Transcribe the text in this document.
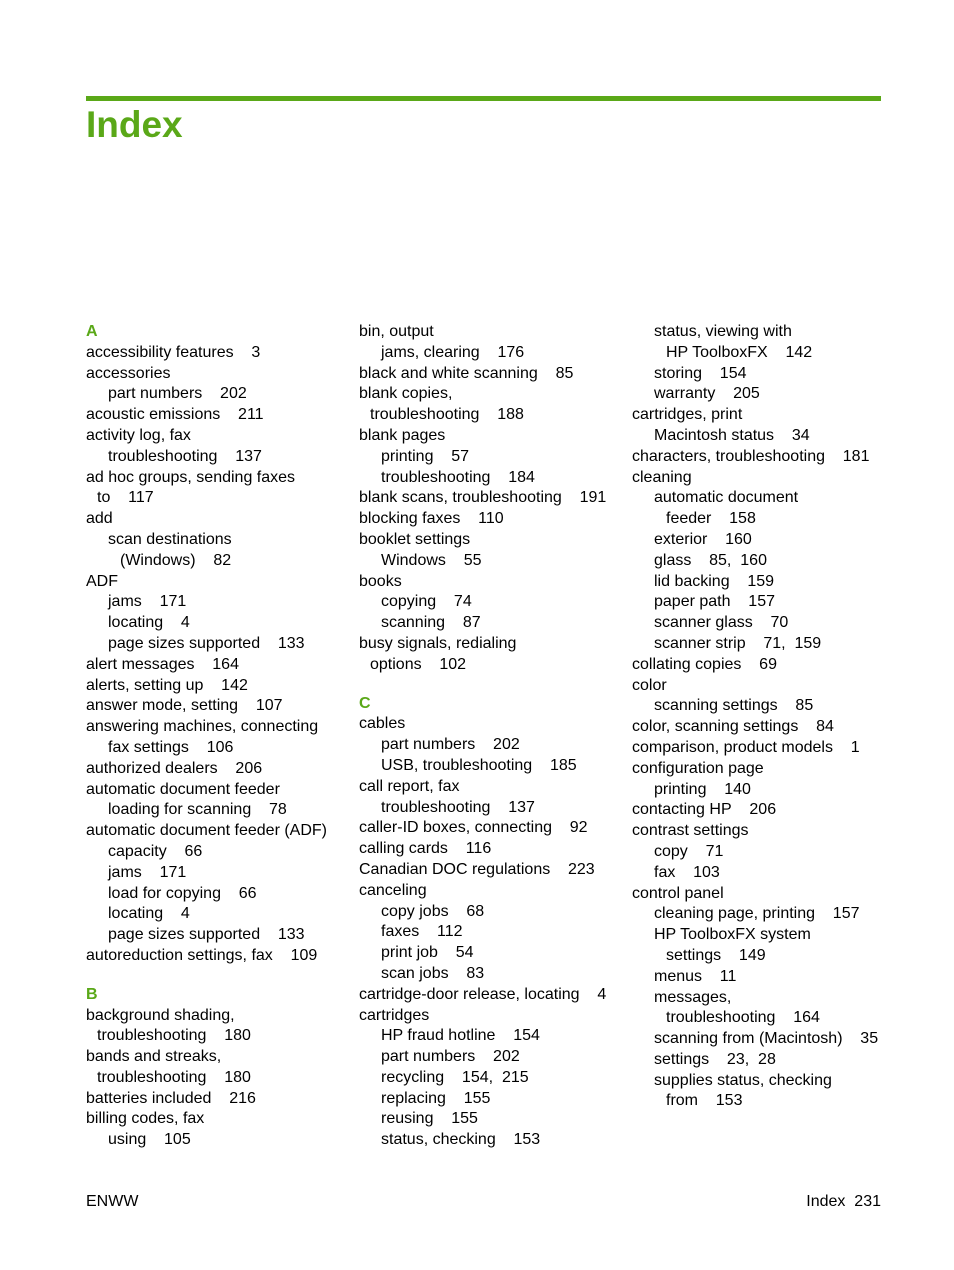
Index
A
accessibility features    3
accessories
part numbers    202
acoustic emissions    211
activity log, fax
troubleshooting    137
ad hoc groups, sending faxes
to    117
add
scan destinations
(Windows)    82
ADF
jams    171
locating    4
page sizes supported    133
alert messages    164
alerts, setting up    142
answer mode, setting    107
answering machines, connecting
fax settings    106
authorized dealers    206
automatic document feeder
loading for scanning    78
automatic document feeder (ADF)
capacity    66
jams    171
load for copying    66
locating    4
page sizes supported    133
autoreduction settings, fax    109
B
background shading,
troubleshooting    180
bands and streaks,
troubleshooting    180
batteries included    216
billing codes, fax
using    105
bin, output
jams, clearing    176
black and white scanning    85
blank copies,
troubleshooting    188
blank pages
printing    57
troubleshooting    184
blank scans, troubleshooting    191
blocking faxes    110
booklet settings
Windows    55
books
copying    74
scanning    87
busy signals, redialing
options    102
C
cables
part numbers    202
USB, troubleshooting    185
call report, fax
troubleshooting    137
caller-ID boxes, connecting    92
calling cards    116
Canadian DOC regulations    223
canceling
copy jobs    68
faxes    112
print job    54
scan jobs    83
cartridge-door release, locating    4
cartridges
HP fraud hotline    154
part numbers    202
recycling    154,  215
replacing    155
reusing    155
status, checking    153
status, viewing with
HP ToolboxFX    142
storing    154
warranty    205
cartridges, print
Macintosh status    34
characters, troubleshooting    181
cleaning
automatic document
feeder    158
exterior    160
glass    85,  160
lid backing    159
paper path    157
scanner glass    70
scanner strip    71,  159
collating copies    69
color
scanning settings    85
color, scanning settings    84
comparison, product models    1
configuration page
printing    140
contacting HP    206
contrast settings
copy    71
fax    103
control panel
cleaning page, printing    157
HP ToolboxFX system
settings    149
menus    11
messages,
troubleshooting    164
scanning from (Macintosh)    35
settings    23,  28
supplies status, checking
from    153
ENWW	Index 231
